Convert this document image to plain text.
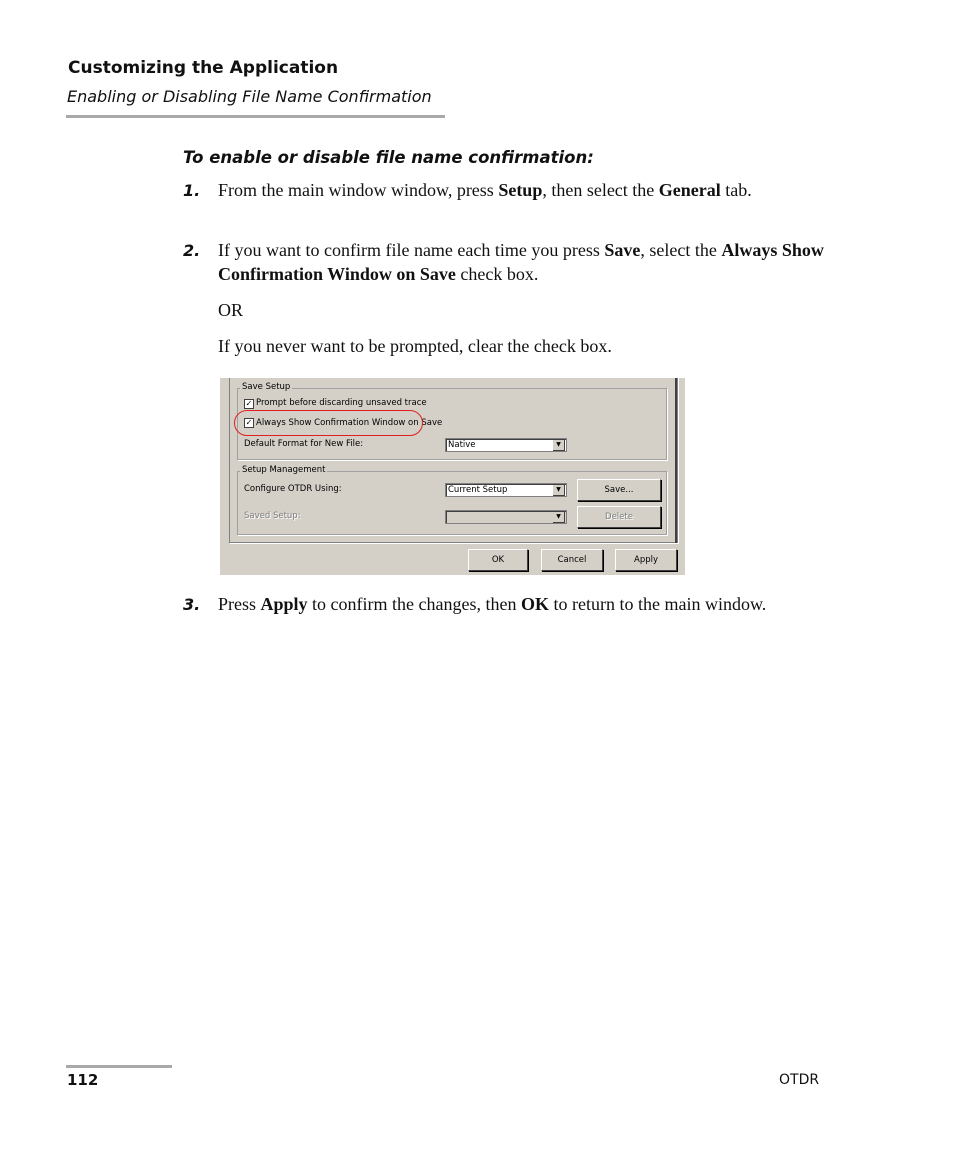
Customizing the Application
Enabling or Disabling File Name Confirmation
To enable or disable file name confirmation:
1. From the main window window, press Setup, then select the General tab.
2. If you want to confirm file name each time you press Save, select the Always Show Confirmation Window on Save check box.
OR
If you never want to be prompted, clear the check box.
Save Setup
✓ Prompt before discarding unsaved trace
✓ Always Show Confirmation Window on Save
Default Format for New File:	Native	▼
Setup Management
Configure OTDR Using:	Current Setup	▼	Save...
Saved Setup:	▼	Delete
OK	Cancel	Apply
3. Press Apply to confirm the changes, then OK to return to the main window.
112	OTDR
